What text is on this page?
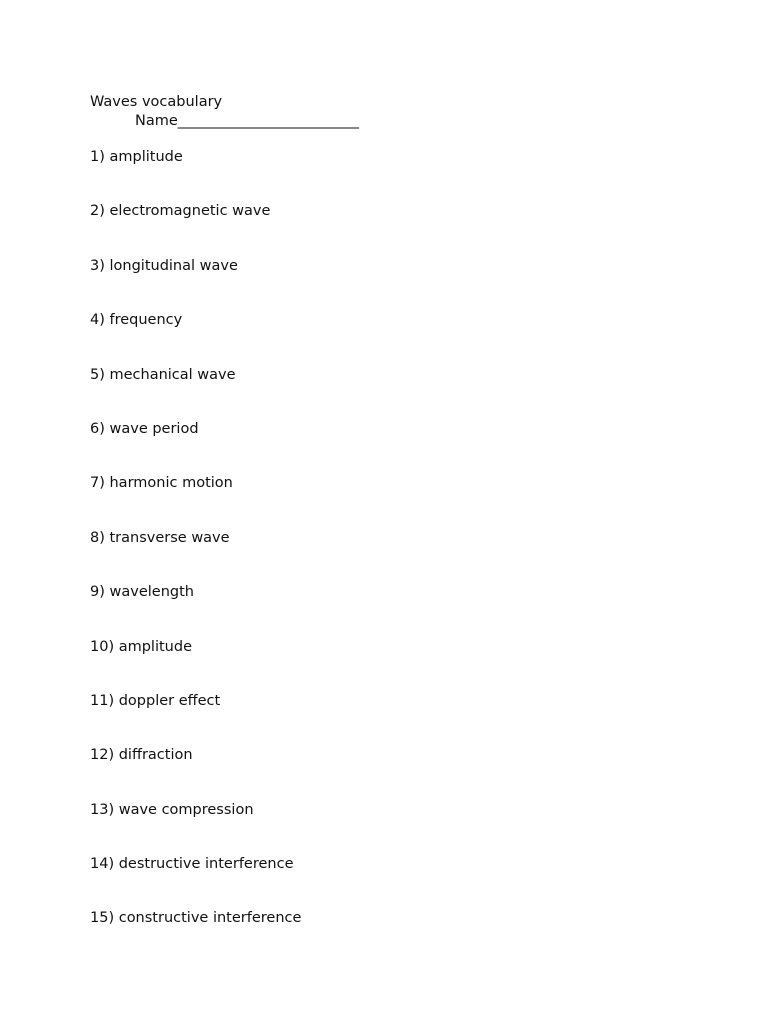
Waves vocabulary
Name_________________________
1) amplitude
2) electromagnetic wave
3) longitudinal wave
4) frequency
5) mechanical wave
6) wave period
7) harmonic motion
8) transverse wave
9) wavelength
10) amplitude
11) doppler effect
12) diffraction
13) wave compression
14) destructive interference
15) constructive interference
